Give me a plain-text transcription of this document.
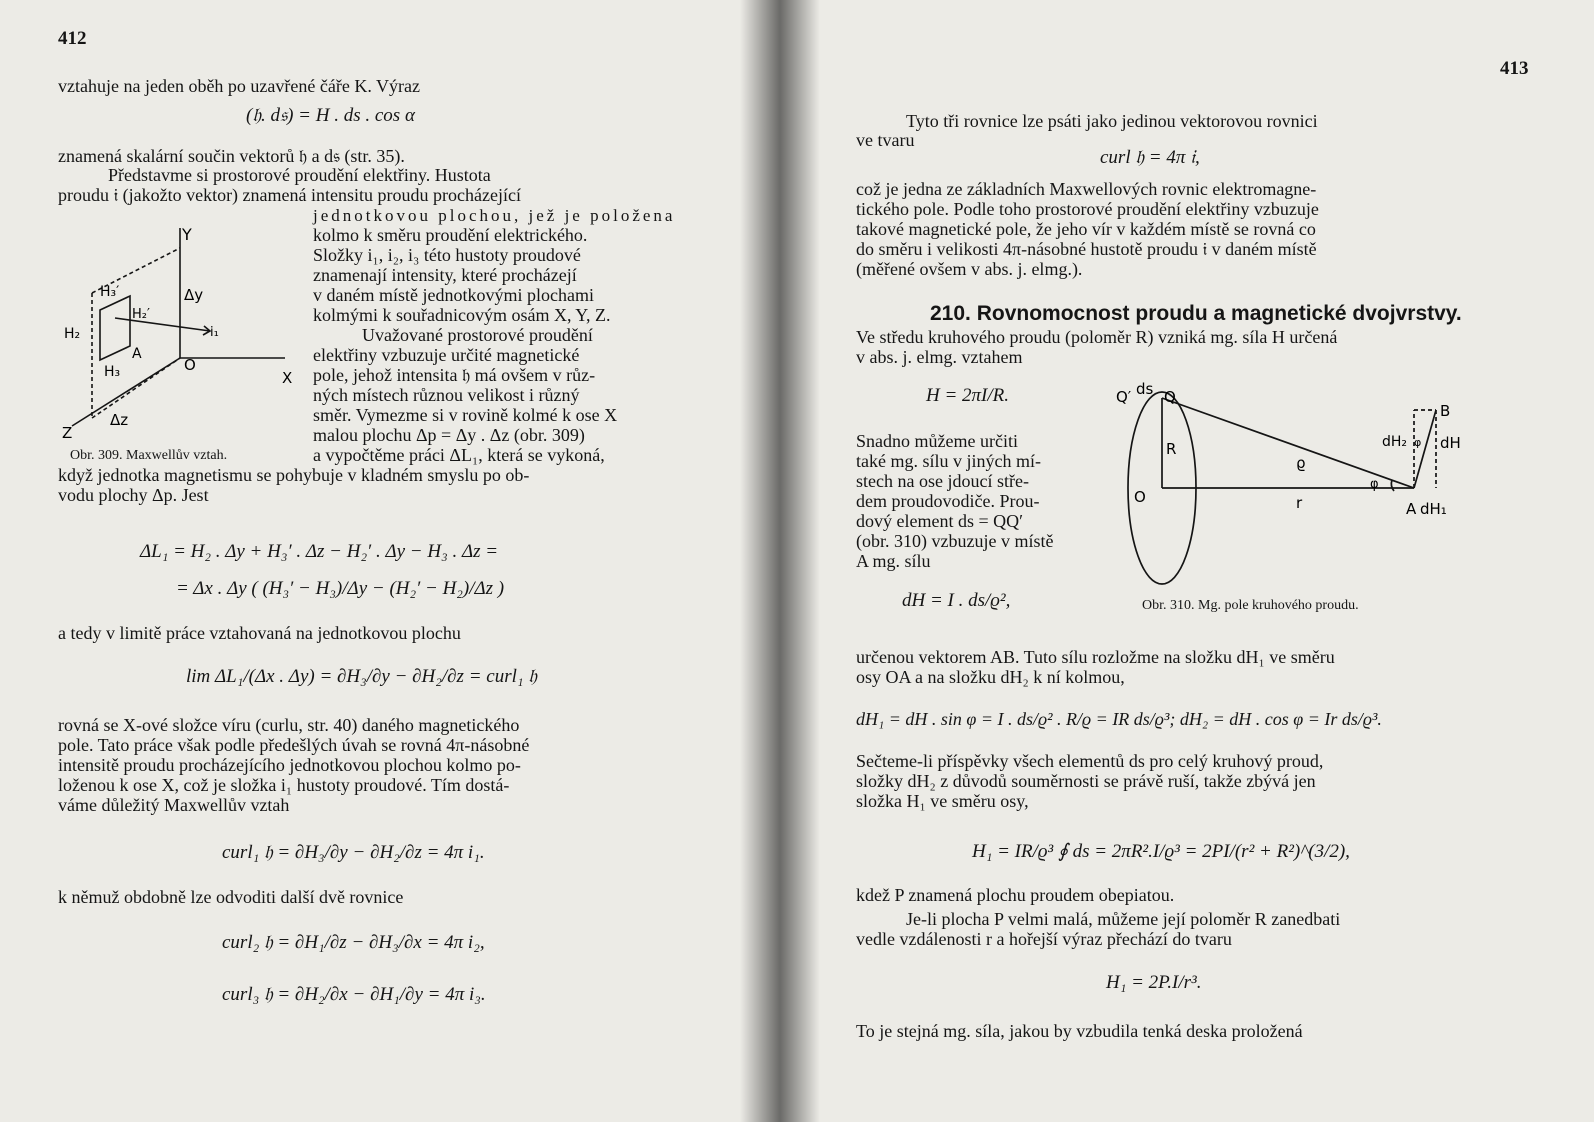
412
vztahuje na jeden oběh po uzavřené čáře K. Výraz
(𝔥. d𝔰) = H . ds . cos α
znamená skalární součin vektorů 𝔥 a d𝔰 (str. 35).
Představme si prostorové proudění elektřiny. Hustota
proudu 𝔦 (jakožto vektor) znamená intensitu proudu procházející
jednotkovou plochou, jež je položena
kolmo k směru proudění elektrického.
Složky i₁, i₂, i₃ této hustoty proudové
znamenají intensity, které procházejí
v daném místě jednotkovými plochami
kolmými k souřadnicovým osám X, Y, Z.
Uvažované prostorové proudění
elektřiny vzbuzuje určité magnetické
pole, jehož intensita 𝔥 má ovšem v růz-
ných místech různou velikost i různý
směr. Vymezme si v rovině kolmé k ose X
malou plochu Δp = Δy . Δz (obr. 309)
a vypočtěme práci ΔL₁, která se vykoná,
když jednotka magnetismu se pohybuje v kladném smyslu po ob-
vodu plochy Δp. Jest
Y
Δy
H₃′
H₂′
H₂
H₃
i₁
A
O
X
Δz
Z
Obr. 309. Maxwellův vztah.
ΔL₁ = H₂ . Δy + H₃′ . Δz − H₂′ . Δy − H₃ . Δz =
= Δx . Δy ( (H₃′ − H₃)/Δy − (H₂′ − H₂)/Δz )
a tedy v limitě práce vztahovaná na jednotkovou plochu
lim ΔL₁/(Δx . Δy) = ∂H₃/∂y − ∂H₂/∂z = curl₁ 𝔥
rovná se X-ové složce víru (curlu, str. 40) daného magnetického
pole. Tato práce však podle předešlých úvah se rovná 4π-násobné
intensitě proudu procházejícího jednotkovou plochou kolmo po-
loženou k ose X, což je složka i₁ hustoty proudové. Tím dostá-
váme důležitý Maxwellův vztah
curl₁ 𝔥 = ∂H₃/∂y − ∂H₂/∂z = 4π i₁.
k němuž obdobně lze odvoditi další dvě rovnice
curl₂ 𝔥 = ∂H₁/∂z − ∂H₃/∂x = 4π i₂,
curl₃ 𝔥 = ∂H₂/∂x − ∂H₁/∂y = 4π i₃.
413
Tyto tři rovnice lze psáti jako jedinou vektorovou rovnici
ve tvaru
curl 𝔥 = 4π 𝔦,
což je jedna ze základních Maxwellových rovnic elektromagne-
tického pole. Podle toho prostorové proudění elektřiny vzbuzuje
takové magnetické pole, že jeho vír v každém místě se rovná co
do směru i velikosti 4π-násobné hustotě proudu 𝔦 v daném místě
(měřené ovšem v abs. j. elmg.).
210. Rovnomocnost proudu a magnetické dvojvrstvy.
Ve středu kruhového proudu (poloměr R) vzniká mg. síla H určená
v abs. j. elmg. vztahem
H = 2πI/R.
Snadno můžeme určiti
také mg. sílu v jiných mí-
stech na ose jdoucí stře-
dem proudovodiče. Prou-
dový element ds = QQ′
(obr. 310) vzbuzuje v místě
A mg. sílu
dH = I . ds/ϱ²,
Q′ ds Q
R
O
ϱ
φ
r	A dH₁
dH₂ φ dH
B
Obr. 310. Mg. pole kruhového proudu.
určenou vektorem AB. Tuto sílu rozložme na složku dH₁ ve směru
osy OA a na složku dH₂ k ní kolmou,
dH₁ = dH . sin φ = I . ds/ϱ² . R/ϱ = IR ds/ϱ³; dH₂ = dH . cos φ = Ir ds/ϱ³.
Sečteme-li příspěvky všech elementů ds pro celý kruhový proud,
složky dH₂ z důvodů souměrnosti se právě ruší, takže zbývá jen
složka H₁ ve směru osy,
H₁ = IR/ϱ³ ∮ ds = 2πR².I/ϱ³ = 2PI/(r² + R²)^(3/2),
kdež P znamená plochu proudem obepiatou.
Je-li plocha P velmi malá, můžeme její poloměr R zanedbati
vedle vzdálenosti r a hořejší výraz přechází do tvaru
H₁ = 2P.I/r³.
To je stejná mg. síla, jakou by vzbudila tenká deska proložená
